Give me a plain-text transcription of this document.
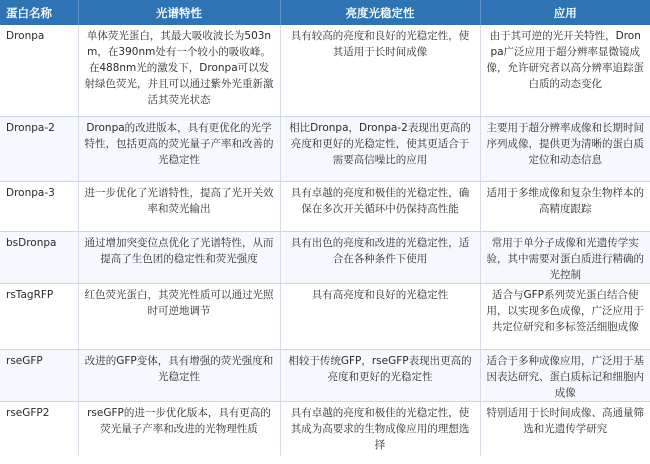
蛋白名称	光谱特性	亮度光稳定性	应用
Dronpa	单体荧光蛋白，其最大吸收波长为503nm，在390nm处有一个较小的吸收峰。在488nm光的激发下，Dronpa可以发射绿色荧光，并且可以通过紫外光重新激活其荧光状态	具有较高的亮度和良好的光稳定性，使其适用于长时间成像	由于其可逆的光开关特性，Dronpa广泛应用于超分辨率显微镜成像，允许研究者以高分辨率追踪蛋白质的动态变化
Dronpa-2	Dronpa的改进版本，具有更优化的光学特性，包括更高的荧光量子产率和改善的光稳定性	相比Dronpa，Dronpa-2表现出更高的亮度和更好的光稳定性，使其更适合于需要高信噪比的应用	主要用于超分辨率成像和长期时间序列成像，提供更为清晰的蛋白质定位和动态信息
Dronpa-3	进一步优化了光谱特性，提高了光开关效率和荧光输出	具有卓越的亮度和极佳的光稳定性，确保在多次开关循环中仍保持高性能	适用于多维成像和复杂生物样本的高精度跟踪
bsDronpa	通过增加突变位点优化了光谱特性，从而提高了生色团的稳定性和荧光强度	具有出色的亮度和改进的光稳定性，适合在各种条件下使用	常用于单分子成像和光遗传学实验，其中需要对蛋白质进行精确的光控制
rsTagRFP	红色荧光蛋白，其荧光性质可以通过光照时可逆地调节	具有高亮度和良好的光稳定性	适合与GFP系列荧光蛋白结合使用，以实现多色成像，广泛应用于共定位研究和多标签活细胞成像
rseGFP	改进的GFP变体，具有增强的荧光强度和光稳定性	相较于传统GFP，rseGFP表现出更高的亮度和更好的光稳定性	适合于多种成像应用，广泛用于基因表达研究、蛋白质标记和细胞内成像
rseGFP2	rseGFP的进一步优化版本，具有更高的荧光量子产率和改进的光物理性质	具有卓越的亮度和极佳的光稳定性，使其成为高要求的生物成像应用的理想选择	特别适用于长时间成像、高通量筛选和光遗传学研究
